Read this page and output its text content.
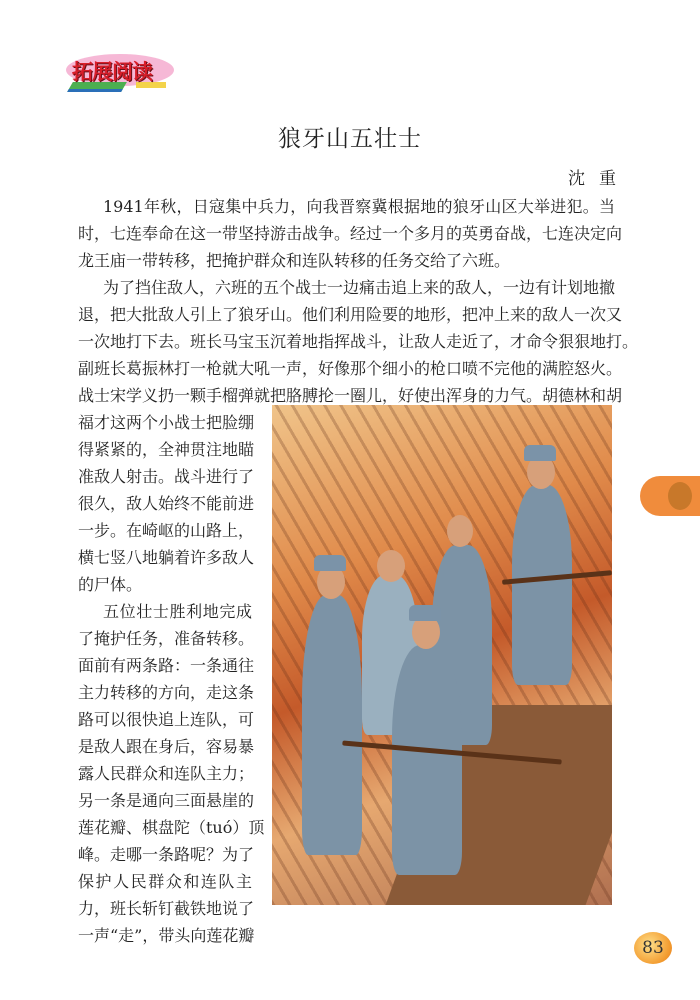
拓展阅读
狼牙山五壮士
沈重
1941年秋，日寇集中兵力，向我晋察冀根据地的狼牙山区大举进犯。当
时，七连奉命在这一带坚持游击战争。经过一个多月的英勇奋战，七连决定向
龙王庙一带转移，把掩护群众和连队转移的任务交给了六班。
为了挡住敌人，六班的五个战士一边痛击追上来的敌人，一边有计划地撤
退，把大批敌人引上了狼牙山。他们利用险要的地形，把冲上来的敌人一次又
一次地打下去。班长马宝玉沉着地指挥战斗，让敌人走近了，才命令狠狠地打。
副班长葛振林打一枪就大吼一声，好像那个细小的枪口喷不完他的满腔怒火。
战士宋学义扔一颗手榴弹就把胳膊抡一圈儿，好使出浑身的力气。胡德林和胡
福才这两个小战士把脸绷
得紧紧的，全神贯注地瞄
准敌人射击。战斗进行了
很久，敌人始终不能前进
一步。在崎岖的山路上，
横七竖八地躺着许多敌人
的尸体。
五位壮士胜利地完成
了掩护任务，准备转移。
面前有两条路：一条通往
主力转移的方向，走这条
路可以很快追上连队，可
是敌人跟在身后，容易暴
露人民群众和连队主力；
另一条是通向三面悬崖的
莲花瓣、棋盘陀（tuó）顶
峰。走哪一条路呢？为了
保护人民群众和连队主
力，班长斩钉截铁地说了
一声“走”，带头向莲花瓣
83
